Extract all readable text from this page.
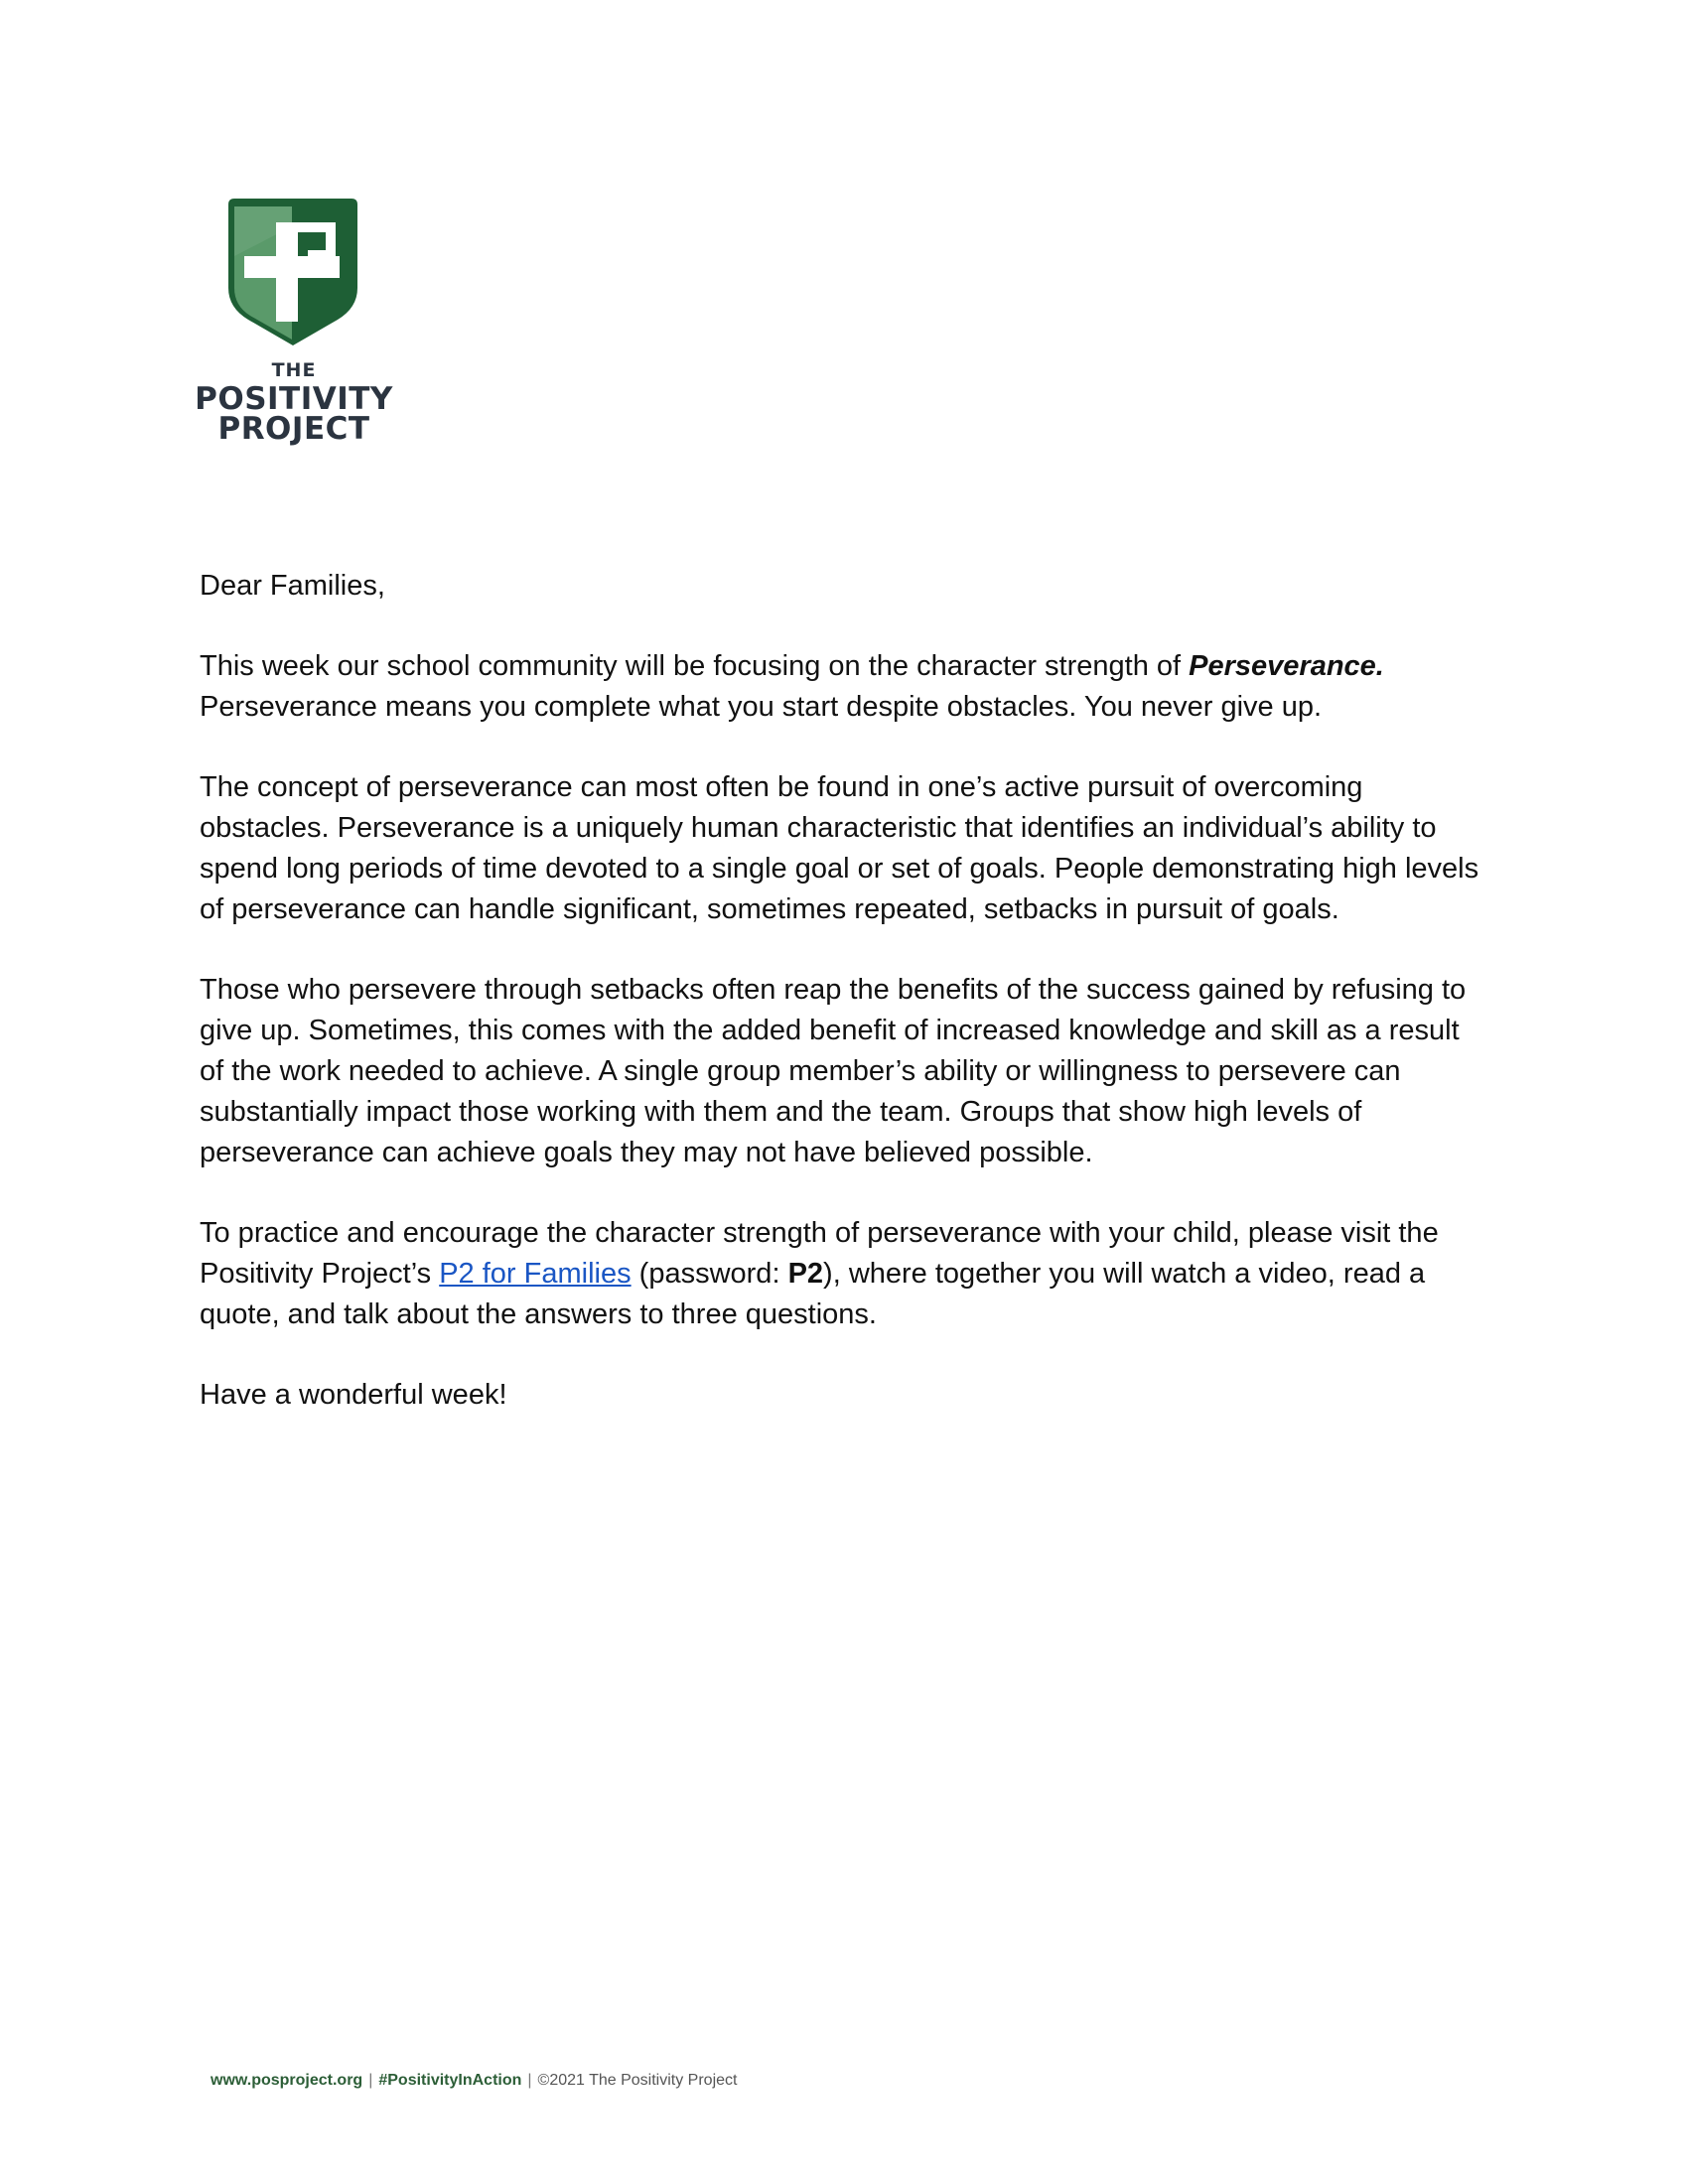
THE
POSITIVITY
PROJECT

Dear Families,

This week our school community will be focusing on the character strength of Perseverance.
Perseverance means you complete what you start despite obstacles. You never give up.

The concept of perseverance can most often be found in one’s active pursuit of overcoming obstacles. Perseverance is a uniquely human characteristic that identifies an individual’s ability to spend long periods of time devoted to a single goal or set of goals. People demonstrating high levels of perseverance can handle significant, sometimes repeated, setbacks in pursuit of goals.

Those who persevere through setbacks often reap the benefits of the success gained by refusing to give up. Sometimes, this comes with the added benefit of increased knowledge and skill as a result of the work needed to achieve. A single group member’s ability or willingness to persevere can substantially impact those working with them and the team. Groups that show high levels of perseverance can achieve goals they may not have believed possible.

To practice and encourage the character strength of perseverance with your child, please visit the Positivity Project’s P2 for Families (password: P2), where together you will watch a video, read a quote, and talk about the answers to three questions.

Have a wonderful week!

www.posproject.org | #PositivityInAction | ©2021 The Positivity Project
